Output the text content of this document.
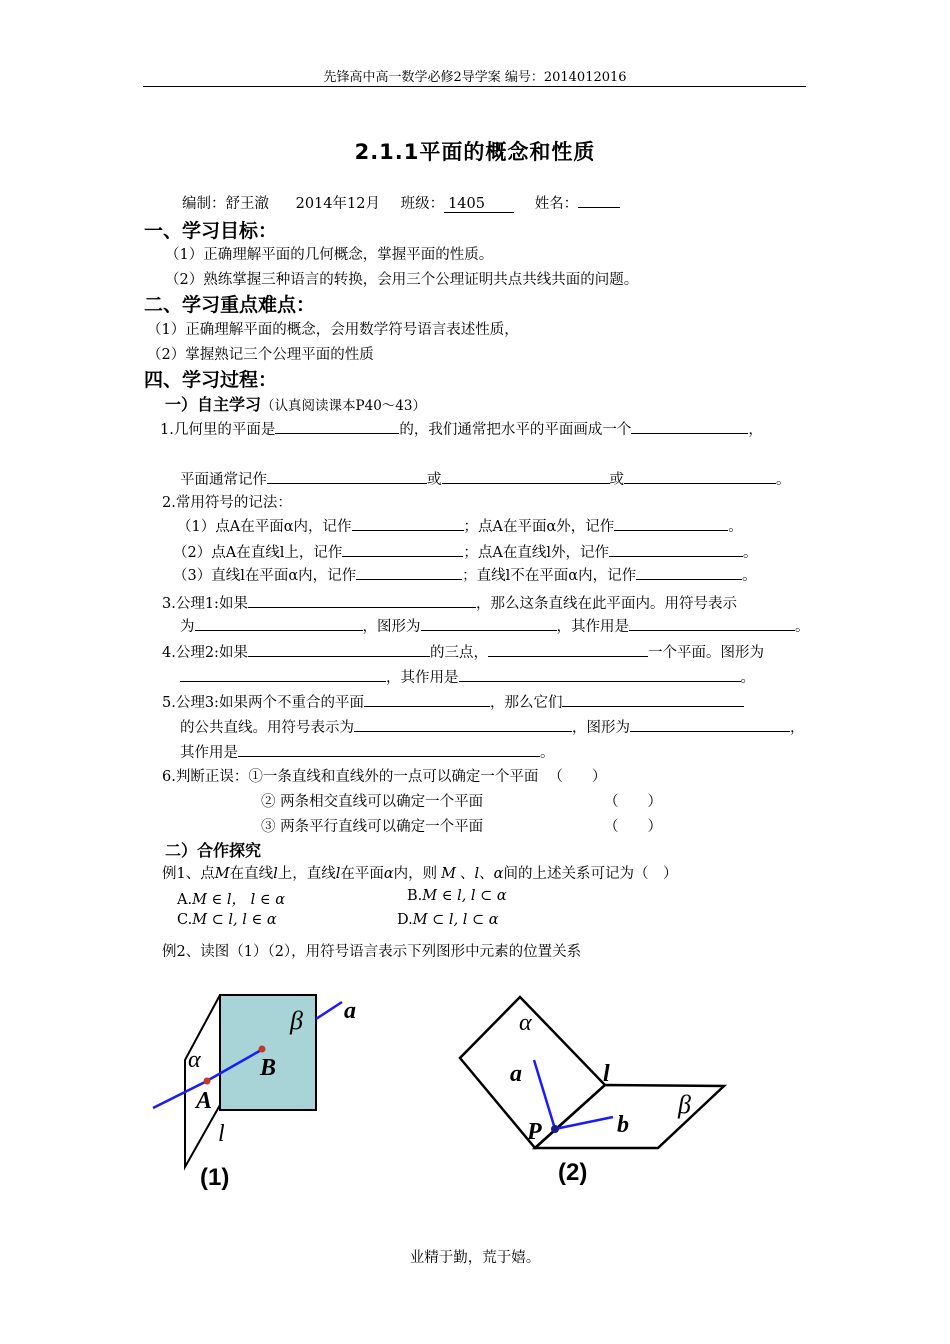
先锋高中高一数学必修2导学案 编号：2014012016
2.1.1平面的概念和性质
编制：舒王澈 2014年12月 班级： 1405	姓名：
一、学习目标：
（1）正确理解平面的几何概念，掌握平面的性质。
（2）熟练掌握三种语言的转换，会用三个公理证明共点共线共面的问题。
二、学习重点难点：
（1）正确理解平面的概念，会用数学符号语言表述性质，
（2）掌握熟记三个公理平面的性质
四、学习过程：
一）自主学习（认真阅读课本P40～43）
1.几何里的平面是	的，我们通常把水平的平面画成一个	，
平面通常记作	或	或	。
2.常用符号的记法：
（1）点A在平面α内，记作	；点A在平面α外，记作	。
（2）点A在直线l上，记作	；点A在直线l外，记作	。
（3）直线l在平面α内，记作	；直线l不在平面α内，记作	。
3.公理1:如果	，那么这条直线在此平面内。用符号表示
为	，图形为	，其作用是	。
4.公理2:如果	的三点，	一个平面。图形为
，其作用是	。
5.公理3:如果两个不重合的平面	，那么它们
的公共直线。用符号表示为	，图形为	，
其作用是	。
6.判断正误：①一条直线和直线外的一点可以确定一个平面 （　　）
② 两条相交直线可以确定一个平面	（　　）
③ 两条平行直线可以确定一个平面	（　　）
二）合作探究
例1、点M在直线l上，直线l在平面α内，则 M 、l、α间的上述关系可记为（　）
A.M ∈ l， l ∈ α	B.M ∈ l, l ⊂ α
C.M ⊂ l, l ∈ α	D.M ⊂ l, l ⊂ α
例2、读图（1）（2），用符号语言表示下列图形中元素的位置关系
α
β a
B
A
l
(1)
α
a	l
β
b
P
(2)
业精于勤，荒于嬉。
